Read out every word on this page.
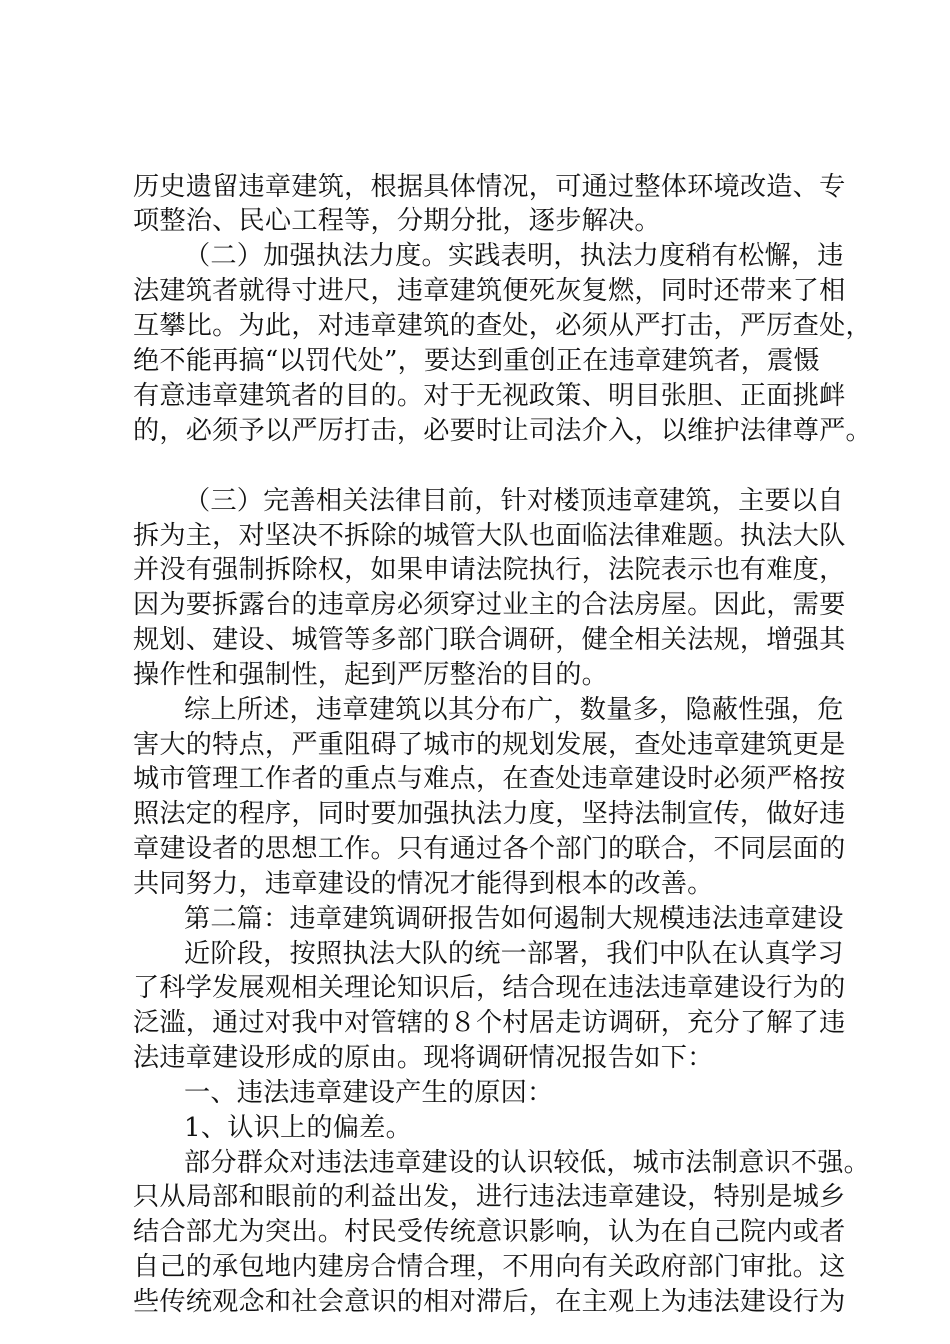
历史遗留违章建筑，根据具体情况，可通过整体环境改造、专
项整治、民心工程等，分期分批，逐步解决。
（二）加强执法力度。实践表明，执法力度稍有松懈，违
法建筑者就得寸进尺，违章建筑便死灰复燃，同时还带来了相
互攀比。为此，对违章建筑的查处，必须从严打击，严厉查处，
绝不能再搞“以罚代处”，要达到重创正在违章建筑者，震慑
有意违章建筑者的目的。对于无视政策、明目张胆、正面挑衅
的，必须予以严厉打击，必要时让司法介入，以维护法律尊严。
（三）完善相关法律目前，针对楼顶违章建筑，主要以自
拆为主，对坚决不拆除的城管大队也面临法律难题。执法大队
并没有强制拆除权，如果申请法院执行，法院表示也有难度，
因为要拆露台的违章房必须穿过业主的合法房屋。因此，需要
规划、建设、城管等多部门联合调研，健全相关法规，增强其
操作性和强制性，起到严厉整治的目的。
综上所述，违章建筑以其分布广，数量多，隐蔽性强，危
害大的特点，严重阻碍了城市的规划发展，查处违章建筑更是
城市管理工作者的重点与难点，在查处违章建设时必须严格按
照法定的程序，同时要加强执法力度，坚持法制宣传，做好违
章建设者的思想工作。只有通过各个部门的联合，不同层面的
共同努力，违章建设的情况才能得到根本的改善。
第二篇：违章建筑调研报告如何遏制大规模违法违章建设
近阶段，按照执法大队的统一部署，我们中队在认真学习
了科学发展观相关理论知识后，结合现在违法违章建设行为的
泛滥，通过对我中对管辖的８个村居走访调研，充分了解了违
法违章建设形成的原由。现将调研情况报告如下：
一、违法违章建设产生的原因：
1、认识上的偏差。
部分群众对违法违章建设的认识较低，城市法制意识不强。
只从局部和眼前的利益出发，进行违法违章建设，特别是城乡
结合部尤为突出。村民受传统意识影响，认为在自己院内或者
自己的承包地内建房合情合理，不用向有关政府部门审批。这
些传统观念和社会意识的相对滞后，在主观上为违法建设行为
